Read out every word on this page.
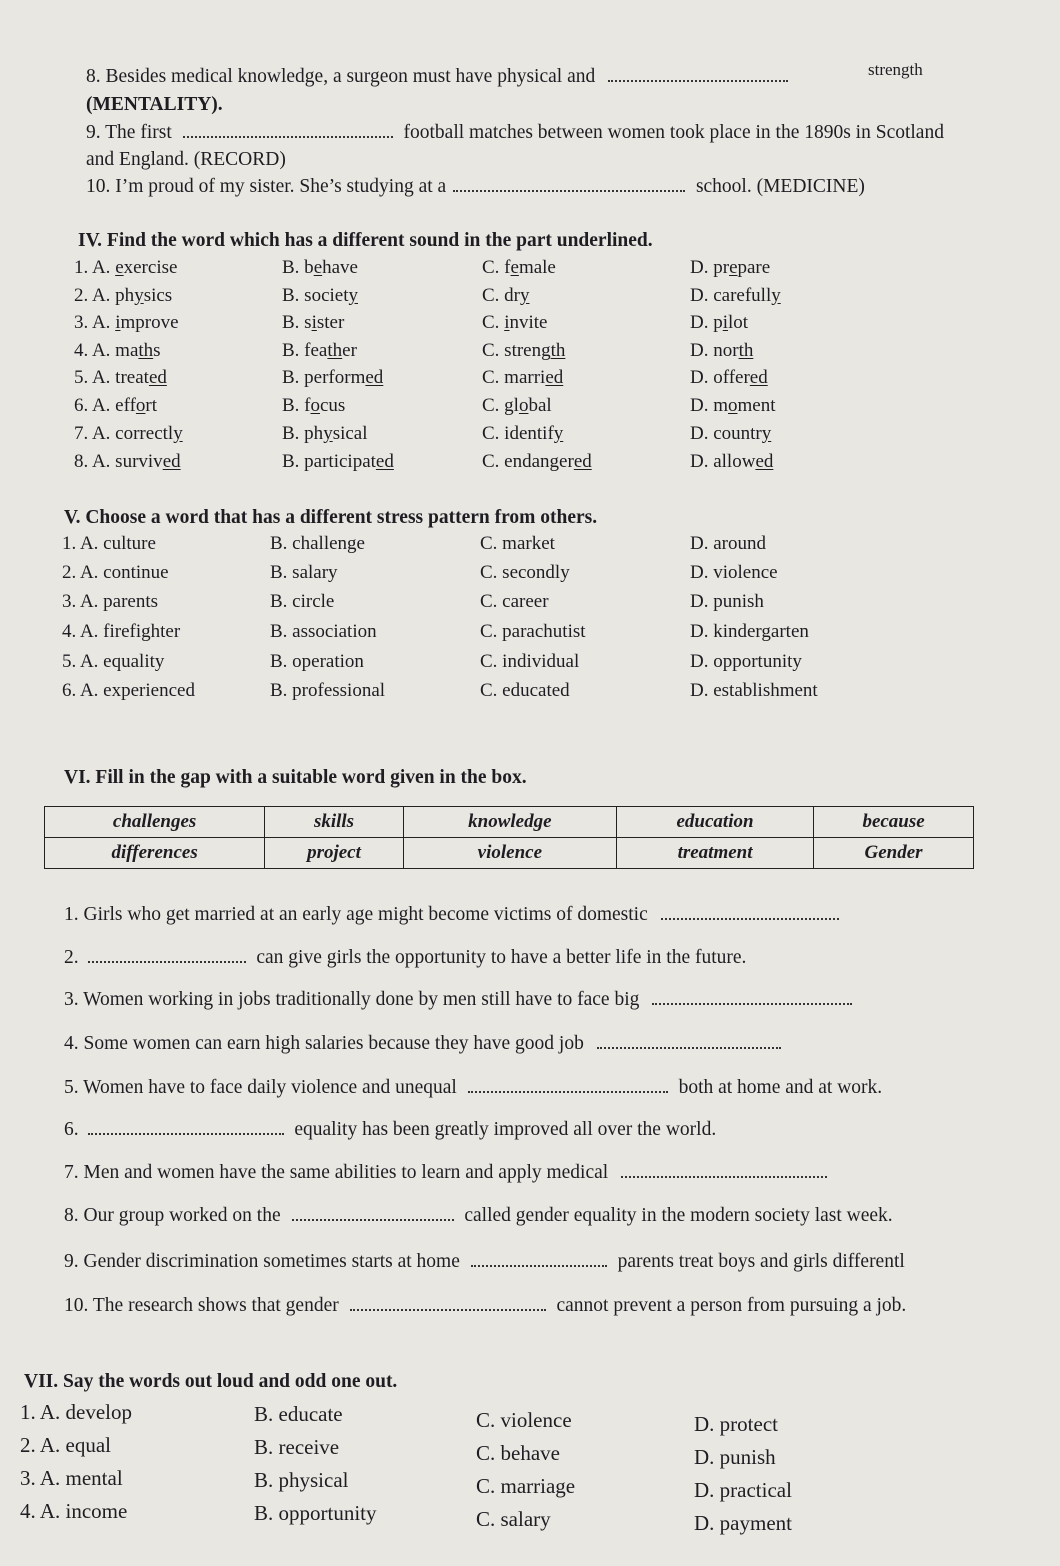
8. Besides medical knowledge, a surgeon must have physical and	strength
(MENTALITY).
9. The first	football matches between women took place in the 1890s in Scotland
and England. (RECORD)
10. I’m proud of my sister. She’s studying at a	school. (MEDICINE)
IV. Find the word which has a different sound in the part underlined.
1. A. exercise	B. behave	C. female	D. prepare
2. A. physics	B. society	C. dry	D. carefully
3. A. improve	B. sister	C. invite	D. pilot
4. A. maths	B. feather	C. strength	D. north
5. A. treated	B. performed	C. married	D. offered
6. A. effort	B. focus	C. global	D. moment
7. A. correctly	B. physical	C. identify	D. country
8. A. survived	B. participated	C. endangered	D. allowed
V. Choose a word that has a different stress pattern from others.
1. A. culture	B. challenge	C. market	D. around
2. A. continue	B. salary	C. secondly	D. violence
3. A. parents	B. circle	C. career	D. punish
4. A. firefighter	B. association	C. parachutist	D. kindergarten
5. A. equality	B. operation	C. individual	D. opportunity
6. A. experienced	B. professional	C. educated	D. establishment
VI. Fill in the gap with a suitable word given in the box.
challenges	skills	knowledge	education	because
differences	project	violence	treatment	Gender
1. Girls who get married at an early age might become victims of domestic
2.	can give girls the opportunity to have a better life in the future.
3. Women working in jobs traditionally done by men still have to face big
4. Some women can earn high salaries because they have good job
5. Women have to face daily violence and unequal	both at home and at work.
6.	equality has been greatly improved all over the world.
7. Men and women have the same abilities to learn and apply medical
8. Our group worked on the	called gender equality in the modern society last week.
9. Gender discrimination sometimes starts at home	parents treat boys and girls differentl
10. The research shows that gender	cannot prevent a person from pursuing a job.
VII. Say the words out loud and odd one out.
1. A. develop	B. educate	C. violence	D. protect
2. A. equal	B. receive	C. behave	D. punish
3. A. mental	B. physical	C. marriage	D. practical
4. A. income	B. opportunity	C. salary	D. payment
